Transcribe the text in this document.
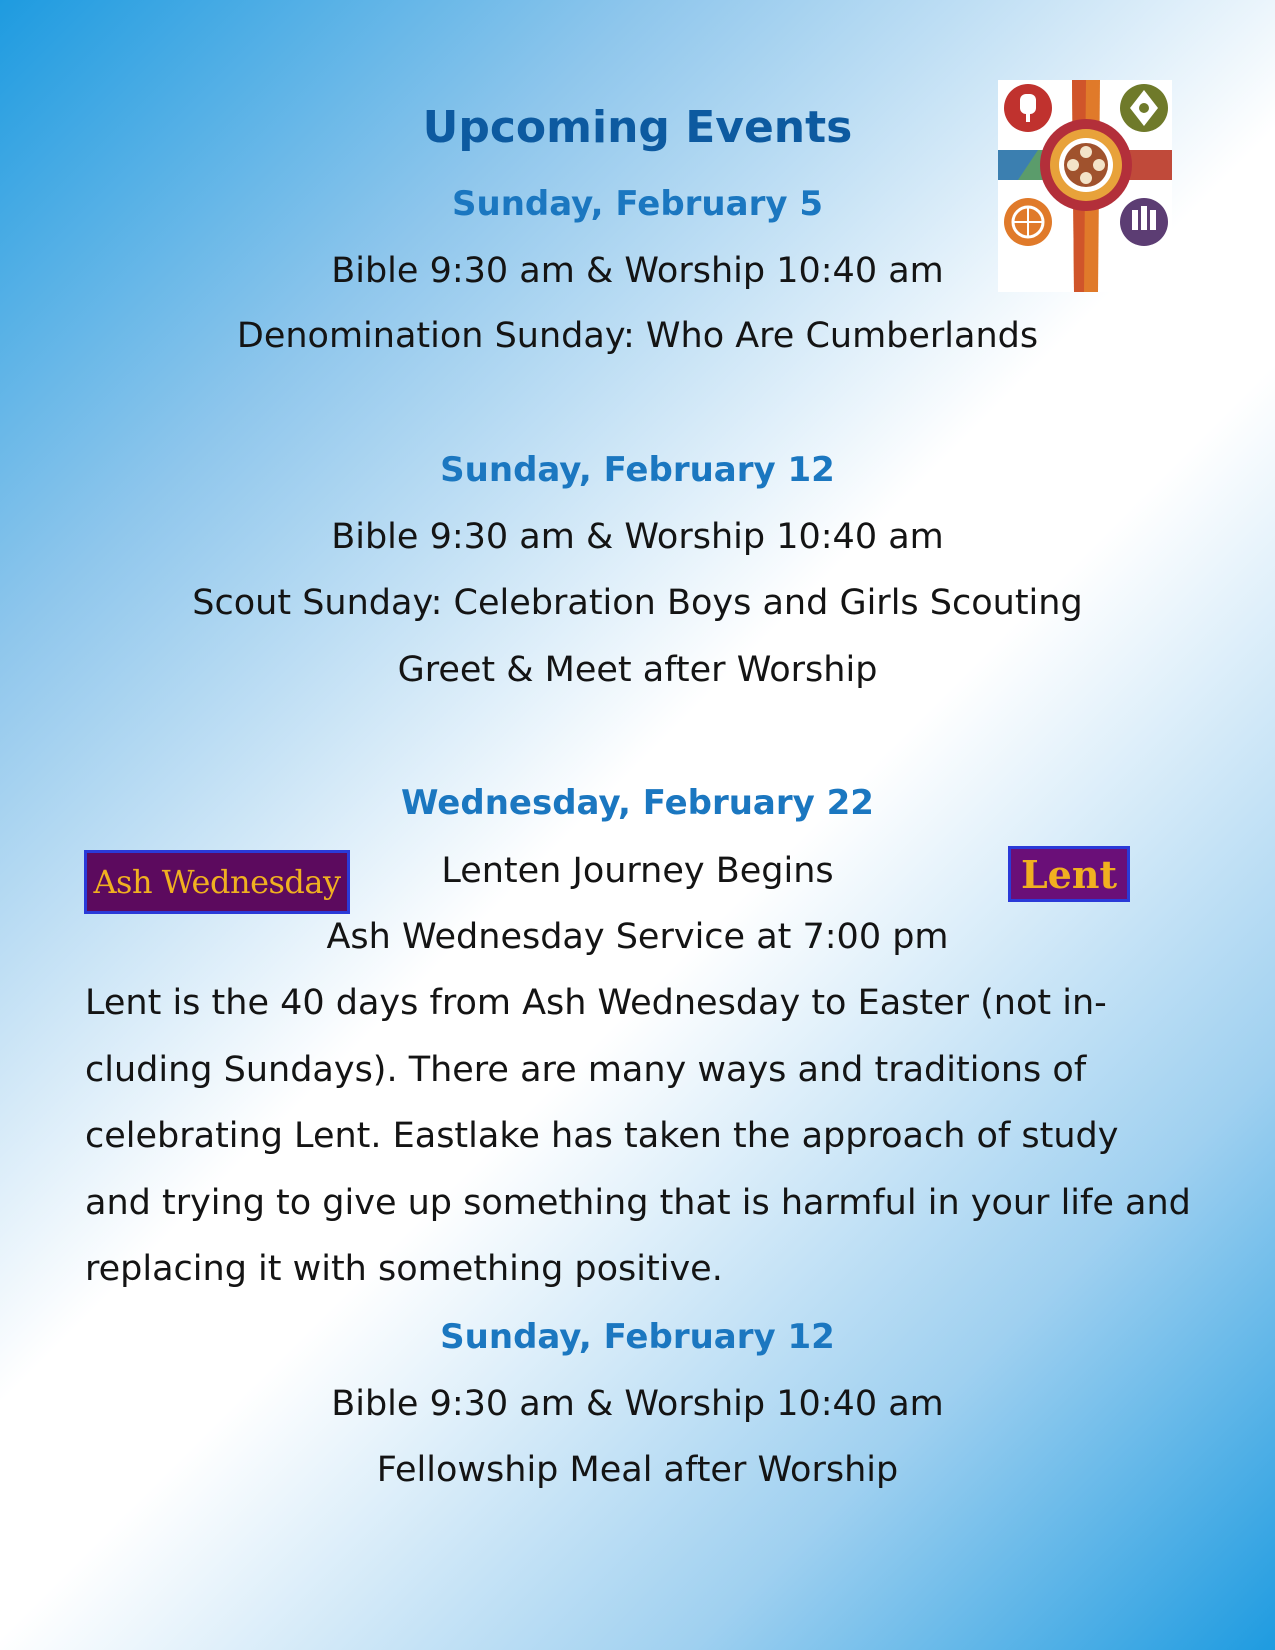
Upcoming Events
Sunday, February 5
Bible 9:30 am & Worship 10:40 am
Denomination Sunday: Who Are Cumberlands
Sunday, February 12
Bible 9:30 am & Worship 10:40 am
Scout Sunday: Celebration Boys and Girls Scouting
Greet & Meet after Worship
Wednesday, February 22
Lenten Journey Begins
Ash Wednesday Service at 7:00 pm
Lent is the 40 days from Ash Wednesday to Easter (not in-cluding Sundays). There are many ways and traditions of celebrating Lent. Eastlake has taken the approach of study and trying to give up something that is harmful in your life and replacing it with something positive.
Sunday, February 12
Bible 9:30 am & Worship 10:40 am
Fellowship Meal after Worship
Ash Wednesday	Lent
